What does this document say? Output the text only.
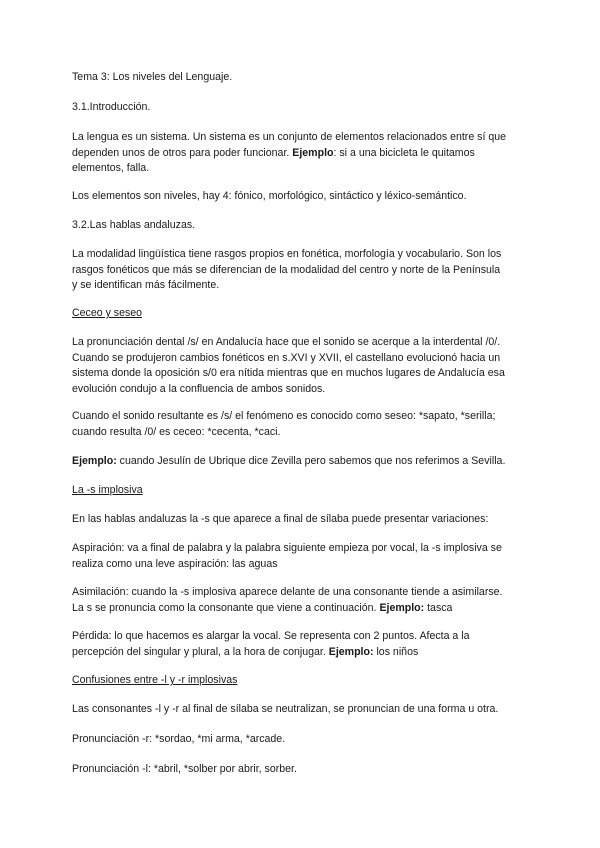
Tema 3: Los niveles del Lenguaje.
3.1.Introducción.
La lengua es un sistema. Un sistema es un conjunto de elementos relacionados entre sí que
dependen unos de otros para poder funcionar. Ejemplo: si a una bicicleta le quitamos
elementos, falla.
Los elementos son niveles, hay 4: fónico, morfológico, sintáctico y léxico-semántico.
3.2.Las hablas andaluzas.
La modalidad lingüística tiene rasgos propios en fonética, morfología y vocabulario. Son los
rasgos fonéticos que más se diferencian de la modalidad del centro y norte de la Península
y se identifican más fácilmente.
Ceceo y seseo
La pronunciación dental /s/ en Andalucía hace que el sonido se acerque a la interdental /0/.
Cuando se produjeron cambios fonéticos en s.XVI y XVII, el castellano evolucionó hacia un
sistema donde la oposición s/0 era nítida mientras que en muchos lugares de Andalucía esa
evolución condujo a la confluencia de ambos sonidos.
Cuando el sonido resultante es /s/ el fenómeno es conocido como seseo: *sapato, *serilla;
cuando resulta /0/ es ceceo: *cecenta, *caci.
Ejemplo: cuando Jesulín de Ubrique dice Zevilla pero sabemos que nos referimos a Sevilla.
La -s implosiva
En las hablas andaluzas la -s que aparece a final de sílaba puede presentar variaciones:
Aspiración: va a final de palabra y la palabra siguiente empieza por vocal, la -s implosiva se
realiza como una leve aspiración: las aguas
Asimilación: cuando la -s implosiva aparece delante de una consonante tiende a asimilarse.
La s se pronuncia como la consonante que viene a continuación. Ejemplo: tasca
Pérdida: lo que hacemos es alargar la vocal. Se representa con 2 puntos. Afecta a la
percepción del singular y plural, a la hora de conjugar. Ejemplo: los niños
Confusiones entre -l y -r implosivas
Las consonantes -l y -r al final de sílaba se neutralizan, se pronuncian de una forma u otra.
Pronunciación -r: *sordao, *mi arma, *arcade.
Pronunciación -l: *abril, *solber por abrir, sorber.
